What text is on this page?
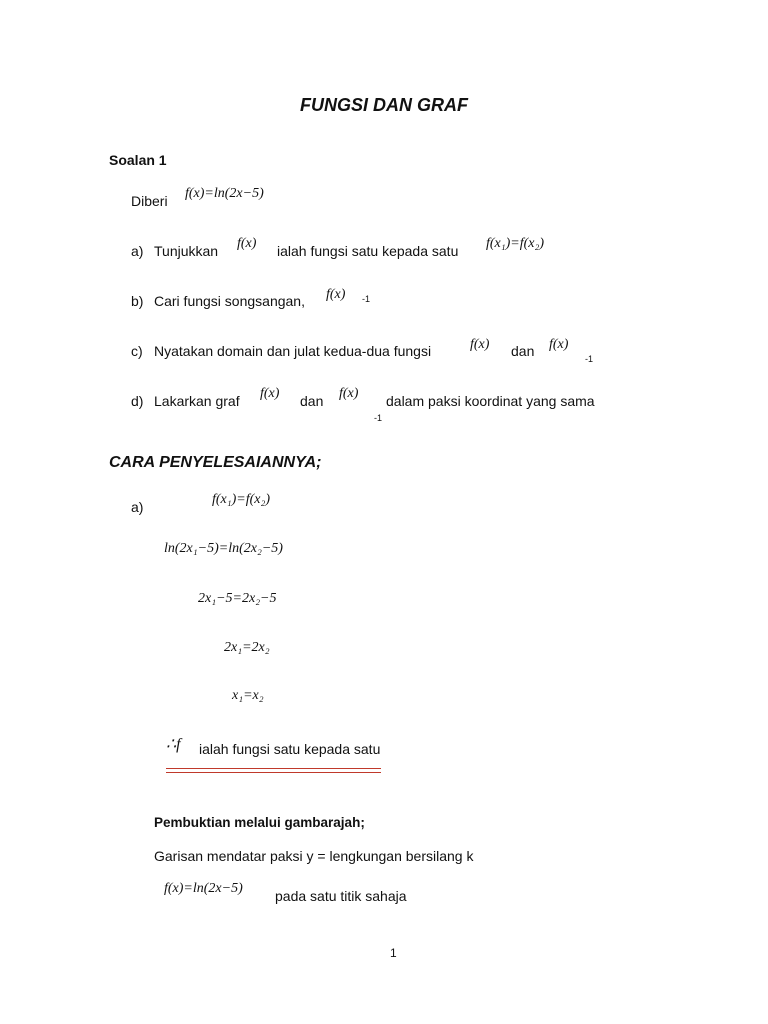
FUNGSI DAN GRAF
Soalan 1
Diberi f(x)=ln(2x−5)
a) Tunjukkan f(x) ialah fungsi satu kepada satu f(x₁)=f(x₂)
b) Cari fungsi songsangan, f(x) -1
c) Nyatakan domain dan julat kedua-dua fungsi	f(x) dan f(x)
-1
d) Lakarkan graf f(x) dan f(x)
-1
dalam paksi koordinat yang sama
CARA PENYELESAIANNYA;
a)	f(x₁)=f(x₂)
ln(2x₁−5)=ln(2x₂−5)
2x₁−5=2x₂−5
2x₁=2x₂
x₁=x₂
∴f ialah fungsi satu kepada satu
Pembuktian melalui gambarajah;
Garisan mendatar paksi y = lengkungan bersilang k
f(x)=ln(2x−5) pada satu titik sahaja
1
